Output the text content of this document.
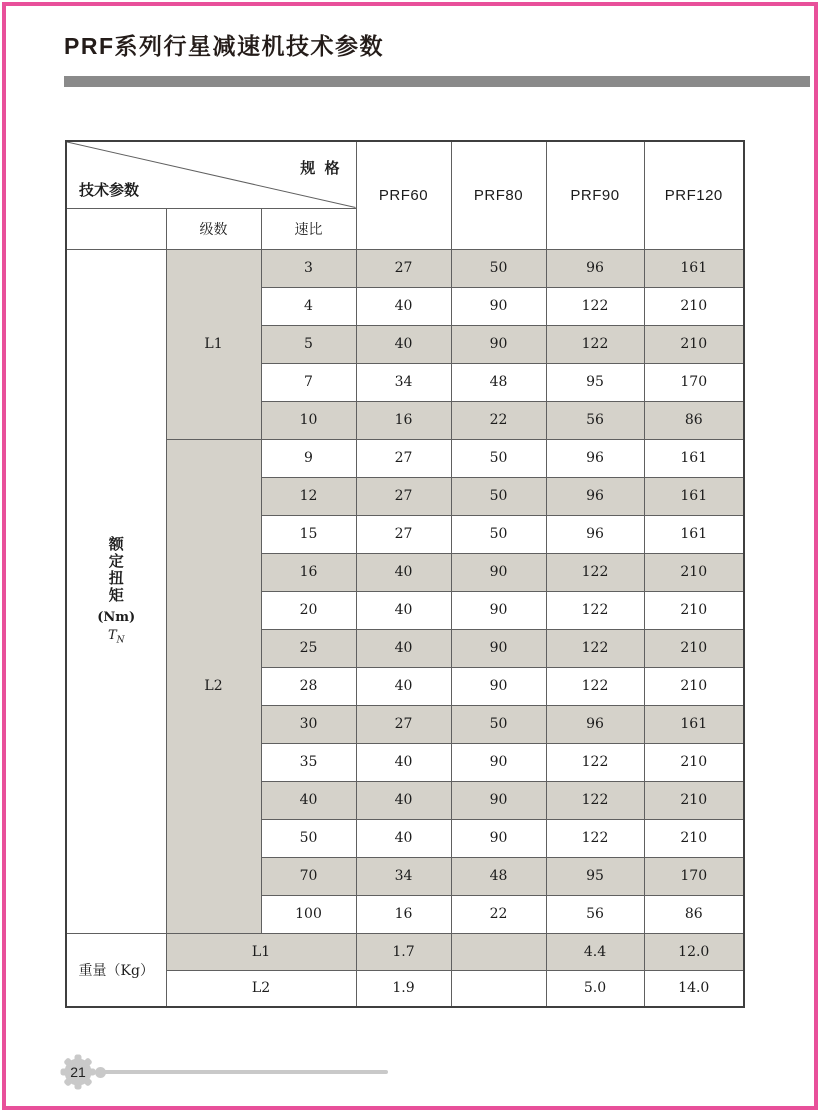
PRF系列行星减速机技术参数
规 格
技术参数			PRF60	PRF80	PRF90	PRF120
	级数	速比				

额
定
扭
矩
(Nm)
$T_N$
	L1	3	27	50	96	161
		4	40	90	122	210
		5	40	90	122	210
		7	34	48	95	170
		10	16	22	56	86
	L2	9	27	50	96	161
		12	27	50	96	161
		15	27	50	96	161
		16	40	90	122	210
		20	40	90	122	210
		25	40	90	122	210
		28	40	90	122	210
		30	27	50	96	161
		35	40	90	122	210
		40	40	90	122	210
		50	40	90	122	210
		70	34	48	95	170
		100	16	22	56	86
重量（Kg）	L1		1.7		4.4	12.0
	L2		1.9		5.0	14.0
21
